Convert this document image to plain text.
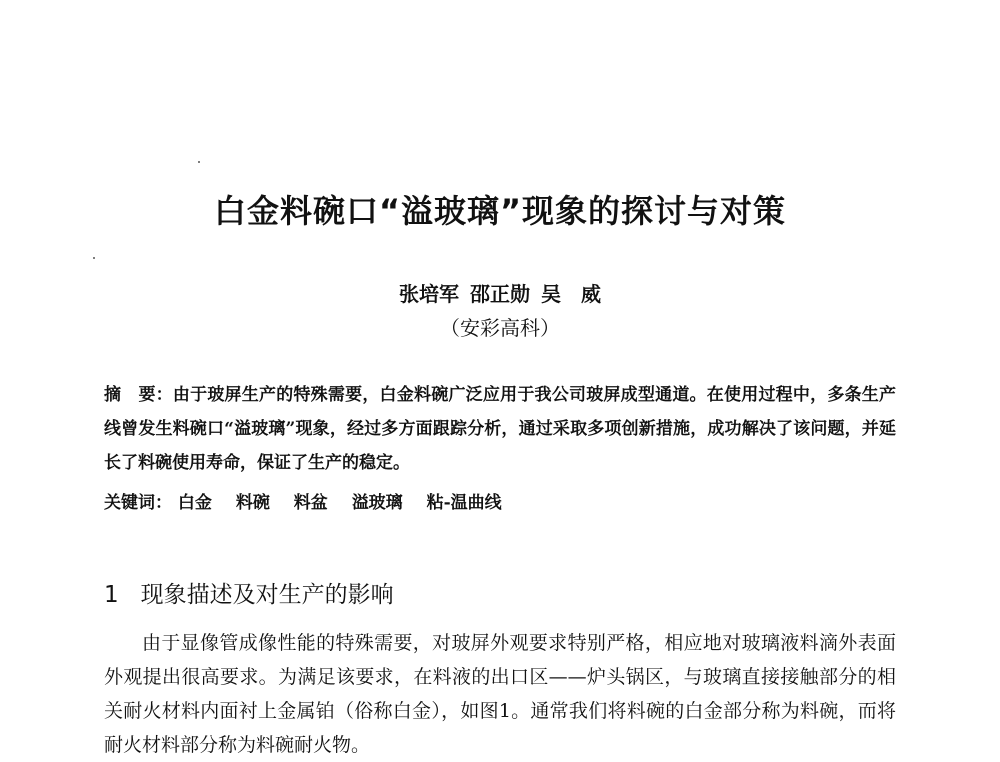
白金料碗口“溢玻璃”现象的探讨与对策
张培军 邵正勋 吴　威
（安彩高科）
摘　要：由于玻屏生产的特殊需要，白金料碗广泛应用于我公司玻屏成型通道。在使用过程中，多条生产线曾发生料碗口“溢玻璃”现象，经过多方面跟踪分析，通过采取多项创新措施，成功解决了该问题，并延长了料碗使用寿命，保证了生产的稳定。
关键词： 白金 料碗 料盆 溢玻璃 粘-温曲线
1 现象描述及对生产的影响
由于显像管成像性能的特殊需要，对玻屏外观要求特别严格，相应地对玻璃液料滴外表面外观提出很高要求。为满足该要求，在料液的出口区——炉头锅区，与玻璃直接接触部分的相关耐火材料内面衬上金属铂（俗称白金），如图1。通常我们将料碗的白金部分称为料碗，而将耐火材料部分称为料碗耐火物。
